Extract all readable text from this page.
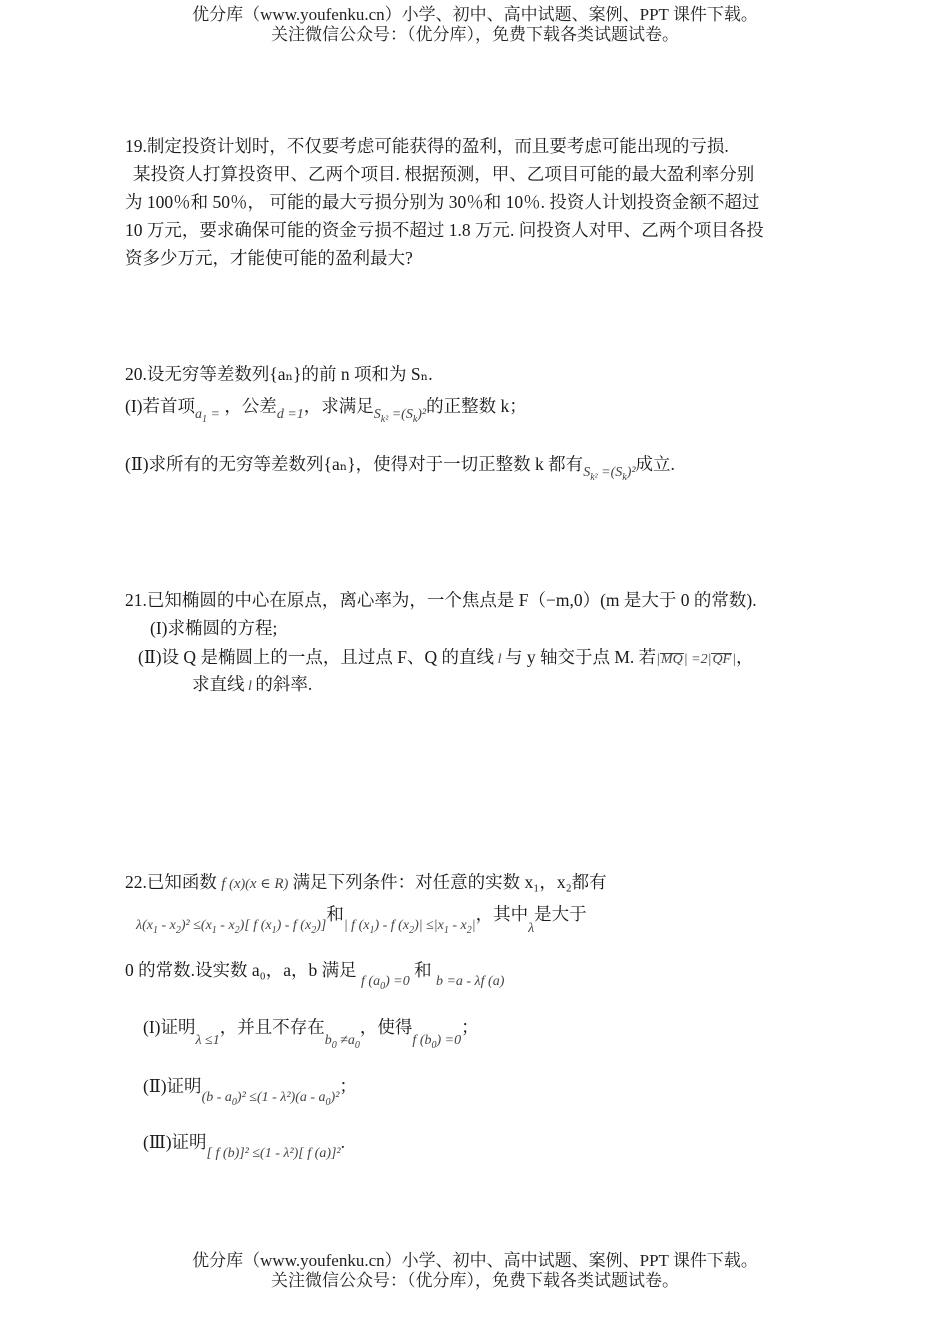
优分库（www.youfenku.cn）小学、初中、高中试题、案例、PPT 课件下载。
关注微信公众号：（优分库），免费下载各类试题试卷。
19.制定投资计划时，不仅要考虑可能获得的盈利，而且要考虑可能出现的亏损.
某投资人打算投资甲、乙两个项目. 根据预测，甲、乙项目可能的最大盈利率分别
为 100％和 50％， 可能的最大亏损分别为 30％和 10％. 投资人计划投资金额不超过
10 万元，要求确保可能的资金亏损不超过 1.8 万元. 问投资人对甲、乙两个项目各投
资多少万元，才能使可能的盈利最大?
20.设无穷等差数列{aₙ}的前 n 项和为 Sₙ.
(I)若首项$_{a_1 =}$ ，公差$_{d =1}$，求满足$_{S_{k^2} =(S_k)^2}$的正整数 k；
(Ⅱ)求所有的无穷等差数列{aₙ}，使得对于一切正整数 k 都有$_{S_{k^2} =(S_k)^2}$成立.
21.已知椭圆的中心在原点，离心率为，一个焦点是 F（−m,0）(m 是大于 0 的常数).
(I)求椭圆的方程;
(Ⅱ)设 Q 是椭圆上的一点，且过点 F、Q 的直线 l 与 y 轴交于点 M. 若|MQ| =2|QF|，
求直线 l 的斜率.
22.已知函数 f (x)(x ∈ R) 满足下列条件：对任意的实数 x₁，x₂都有
$_{\lambda(x_1 - x_2)^2 \le(x_1 - x_2)[ f (x_1) - f (x_2)]}$和$_{| f (x_1) - f (x_2)| \le|x_1 - x_2|}$，其中$_\lambda$是大于
0 的常数.设实数 a₀，a，b 满足 $_{f (a_0) =0}$ 和 $_{b =a - \lambda f (a)}$
(I)证明$_{\lambda \le 1}$，并且不存在$_{b_0 \ne a_0}$，使得$_{f (b_0) =0}$；
(Ⅱ)证明$_{(b - a_0)^2 \le(1 - \lambda^2)(a - a_0)^2}$；
(Ⅲ)证明$_{[ f (b)]^2 \le(1 - \lambda^2)[ f (a)]^2}$.
优分库（www.youfenku.cn）小学、初中、高中试题、案例、PPT 课件下载。
关注微信公众号：（优分库），免费下载各类试题试卷。
